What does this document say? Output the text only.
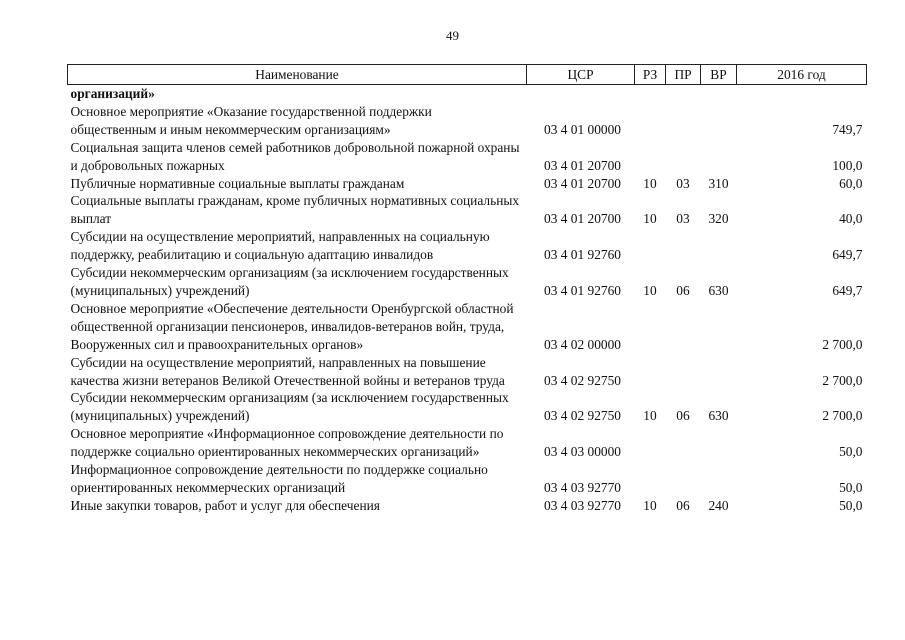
49
Наименование	ЦСР	РЗ	ПР	ВР	2016 год
организаций»					
Основное мероприятие «Оказание государственной поддержки общественным и иным некоммерческим организациям»	03 4 01 00000				749,7
Социальная защита членов семей работников добровольной пожарной охраны и добровольных пожарных	03 4 01 20700				100,0
Публичные нормативные социальные выплаты гражданам	03 4 01 20700	10	03	310	60,0
Социальные выплаты гражданам, кроме публичных нормативных социальных выплат	03 4 01 20700	10	03	320	40,0
Субсидии на осуществление мероприятий, направленных на социальную поддержку, реабилитацию и социальную адаптацию инвалидов	03 4 01 92760				649,7
Субсидии некоммерческим организациям (за исключением государственных (муниципальных) учреждений)	03 4 01 92760	10	06	630	649,7
Основное мероприятие «Обеспечение деятельности Оренбургской областной общественной организации пенсионеров, инвалидов-ветеранов войн, труда, Вооруженных сил и правоохранительных органов»	03 4 02 00000				2 700,0
Субсидии на осуществление мероприятий, направленных на повышение качества жизни ветеранов Великой Отечественной войны и ветеранов труда	03 4 02 92750				2 700,0
Субсидии некоммерческим организациям (за исключением государственных (муниципальных) учреждений)	03 4 02 92750	10	06	630	2 700,0
Основное мероприятие «Информационное сопровождение деятельности по поддержке социально ориентированных некоммерческих организаций»	03 4 03 00000				50,0
Информационное сопровождение деятельности по поддержке социально ориентированных некоммерческих организаций	03 4 03 92770				50,0
Иные закупки товаров, работ и услуг для обеспечения	03 4 03 92770	10	06	240	50,0
